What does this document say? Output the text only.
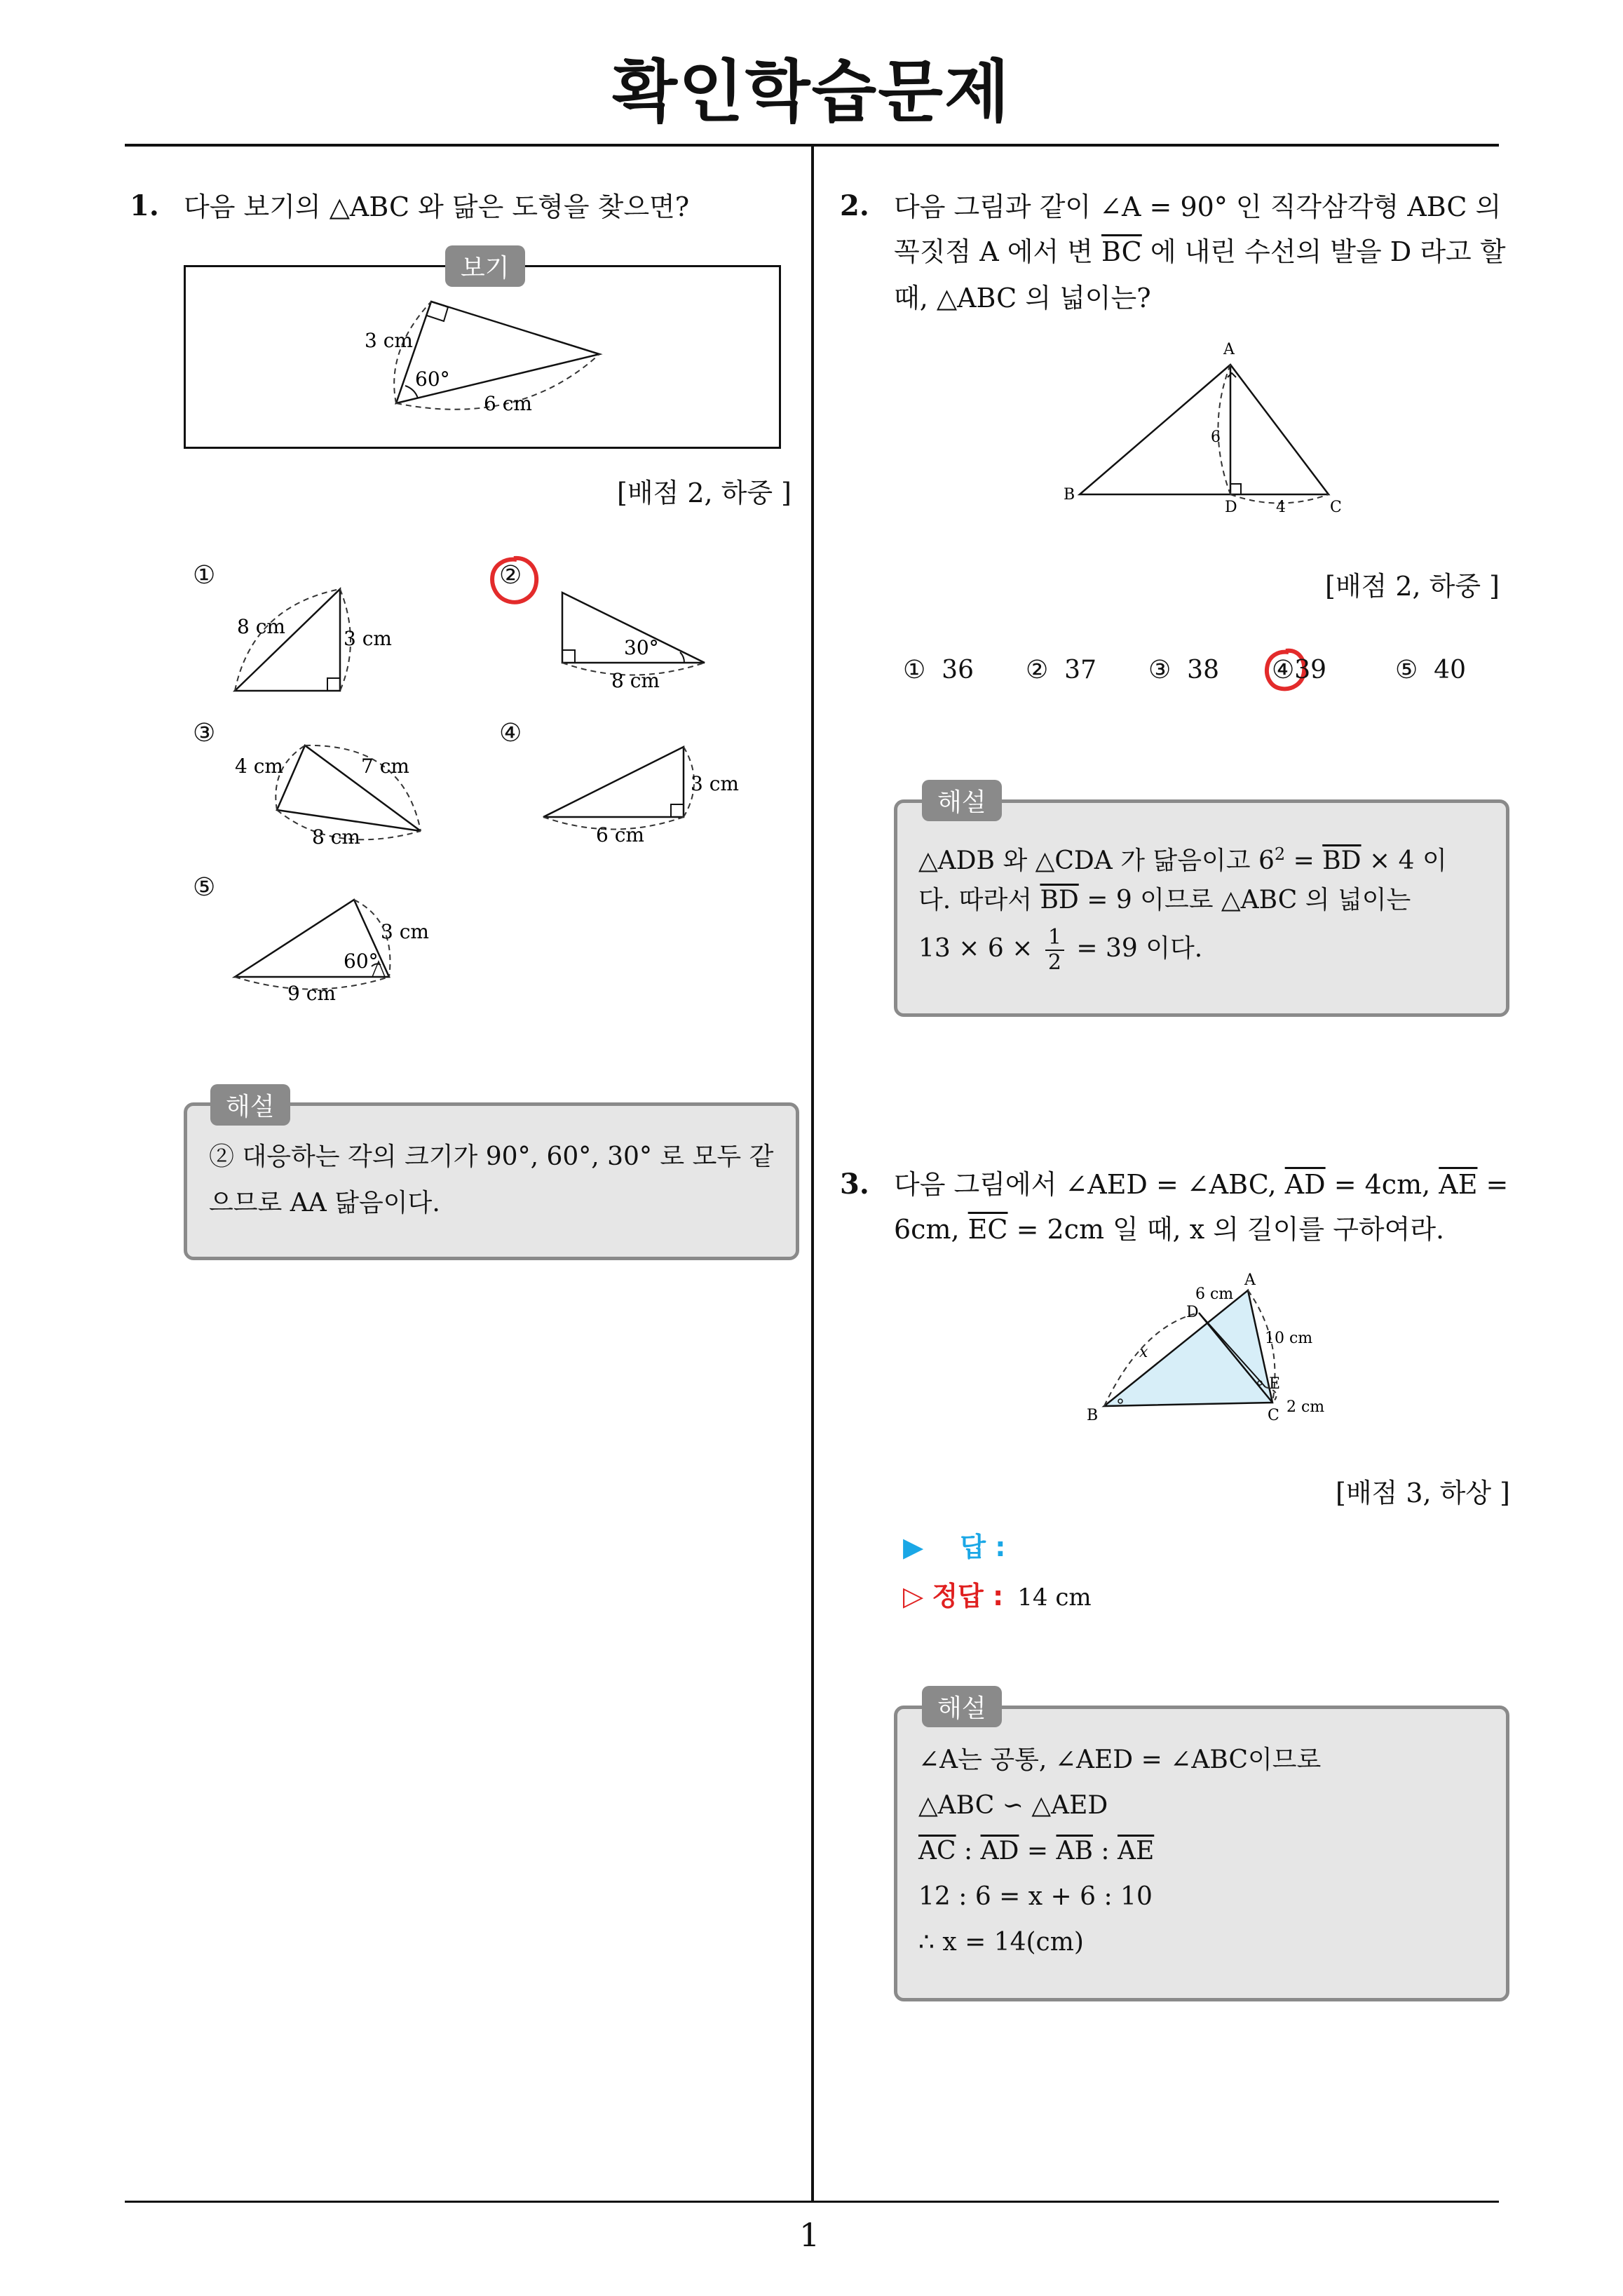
확인학습문제
1
1. 다음 보기의 △ABC 와 닮은 도형을 찾으면?
보기
3 cm
60°
6 cm
[배점 2, 하중 ]
①
8 cm
3 cm
②
30°
8 cm
③
4 cm	7 cm
8 cm
④
3 cm
6 cm
⑤
3 cm
60°
9 cm
해설
② 대응하는 각의 크기가 90°, 60°, 30° 로 모두 같
으므로 AA 닮음이다.
2. 다음 그림과 같이 ∠A = 90° 인 직각삼각형 ABC 의
꼭짓점 A 에서 변 $\overline{BC}$ 에 내린 수선의 발을 D 라고 할
때, △ABC 의 넓이는?
A
B
C
D
6
4
[배점 2, 하중 ]
① 36 ② 37 ③ 38 ④39	⑤ 40
해설
△ADB 와 △CDA 가 닮음이고 $6^2 = \overline{BD} \times 4$ 이
다. 따라서 $\overline{BD} = 9$ 이므로 △ABC 의 넓이는
$13 \times 6 \times \frac{1}{2} = 39$ 이다.
3. 다음 그림에서 ∠AED = ∠ABC, $\overline{AD} = 4cm$, $\overline{AE}$ =
6cm, $\overline{EC} = 2cm$ 일 때, x 의 길이를 구하여라.
A
B	C
D
E
6 cm
10 cm
2 cm
x
[배점 3, 하상 ]
▶ 답 :
▷ 정답 : 14 cm
해설
∠A는 공통, ∠AED = ∠ABC이므로
△ABC ∽ △AED
$\overline{AC}$ : $\overline{AD} = \overline{AB}$ : $\overline{AE}$
12 : 6 = x + 6 : 10
∴ x = 14(cm)
